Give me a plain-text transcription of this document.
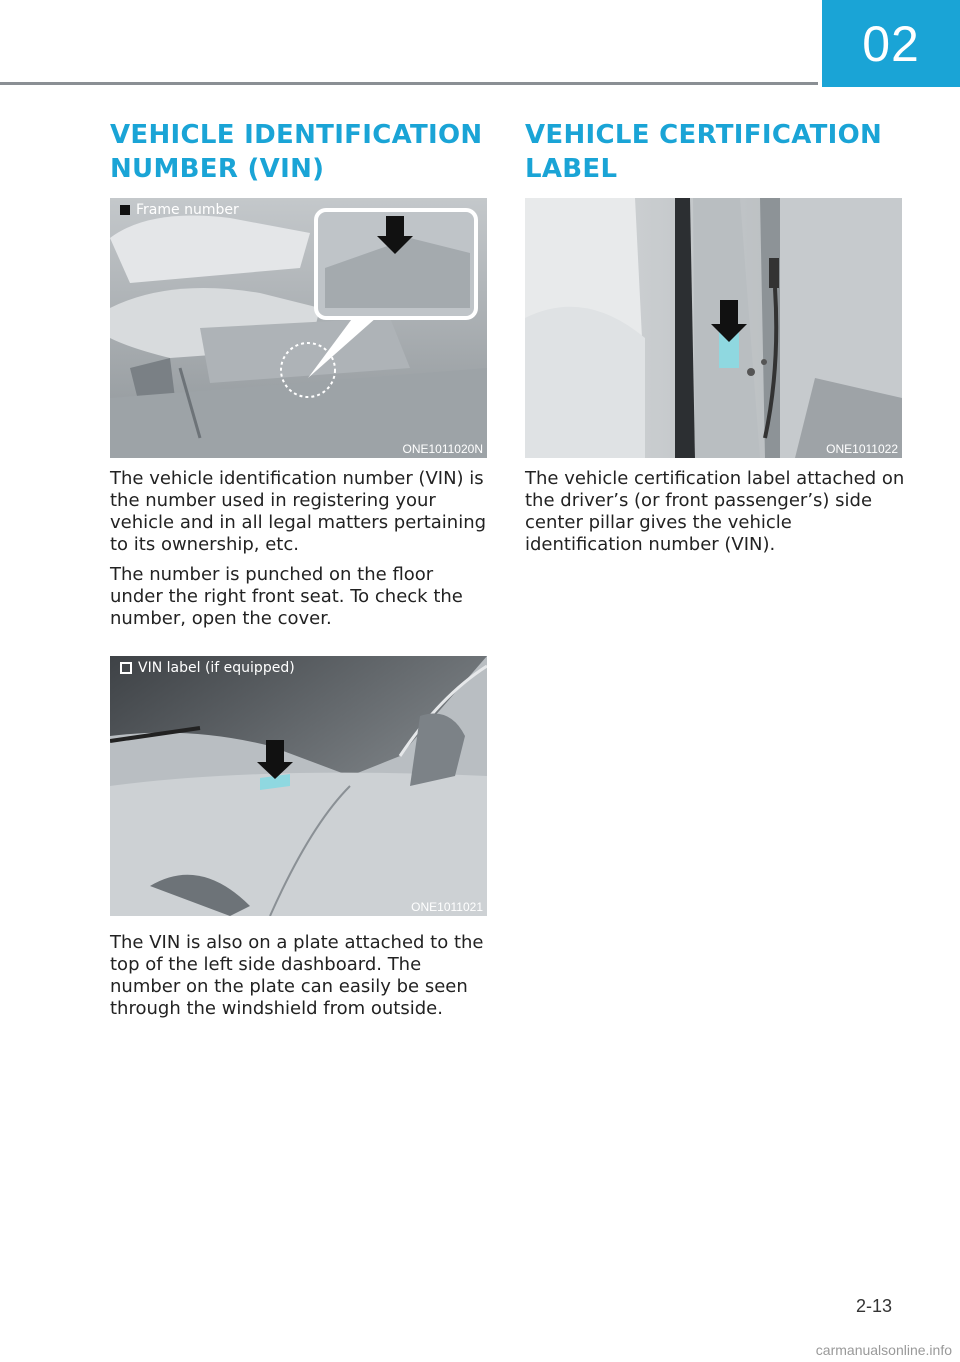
02
VEHICLE IDENTIFICATION NUMBER (VIN)
Frame number
ONE1011020N

The vehicle identification number (VIN) is the number used in registering your vehicle and in all legal matters pertaining to its ownership, etc.

The number is punched on the floor under the right front seat. To check the number, open the cover.

VIN label (if equipped)
ONE1011021

The VIN is also on a plate attached to the top of the left side dashboard. The number on the plate can easily be seen through the windshield from outside.

VEHICLE CERTIFICATION LABEL
ONE1011022

The vehicle certification label attached on the driver’s (or front passenger’s) side center pillar gives the vehicle identification number (VIN).

2-13
carmanualsonline.info
